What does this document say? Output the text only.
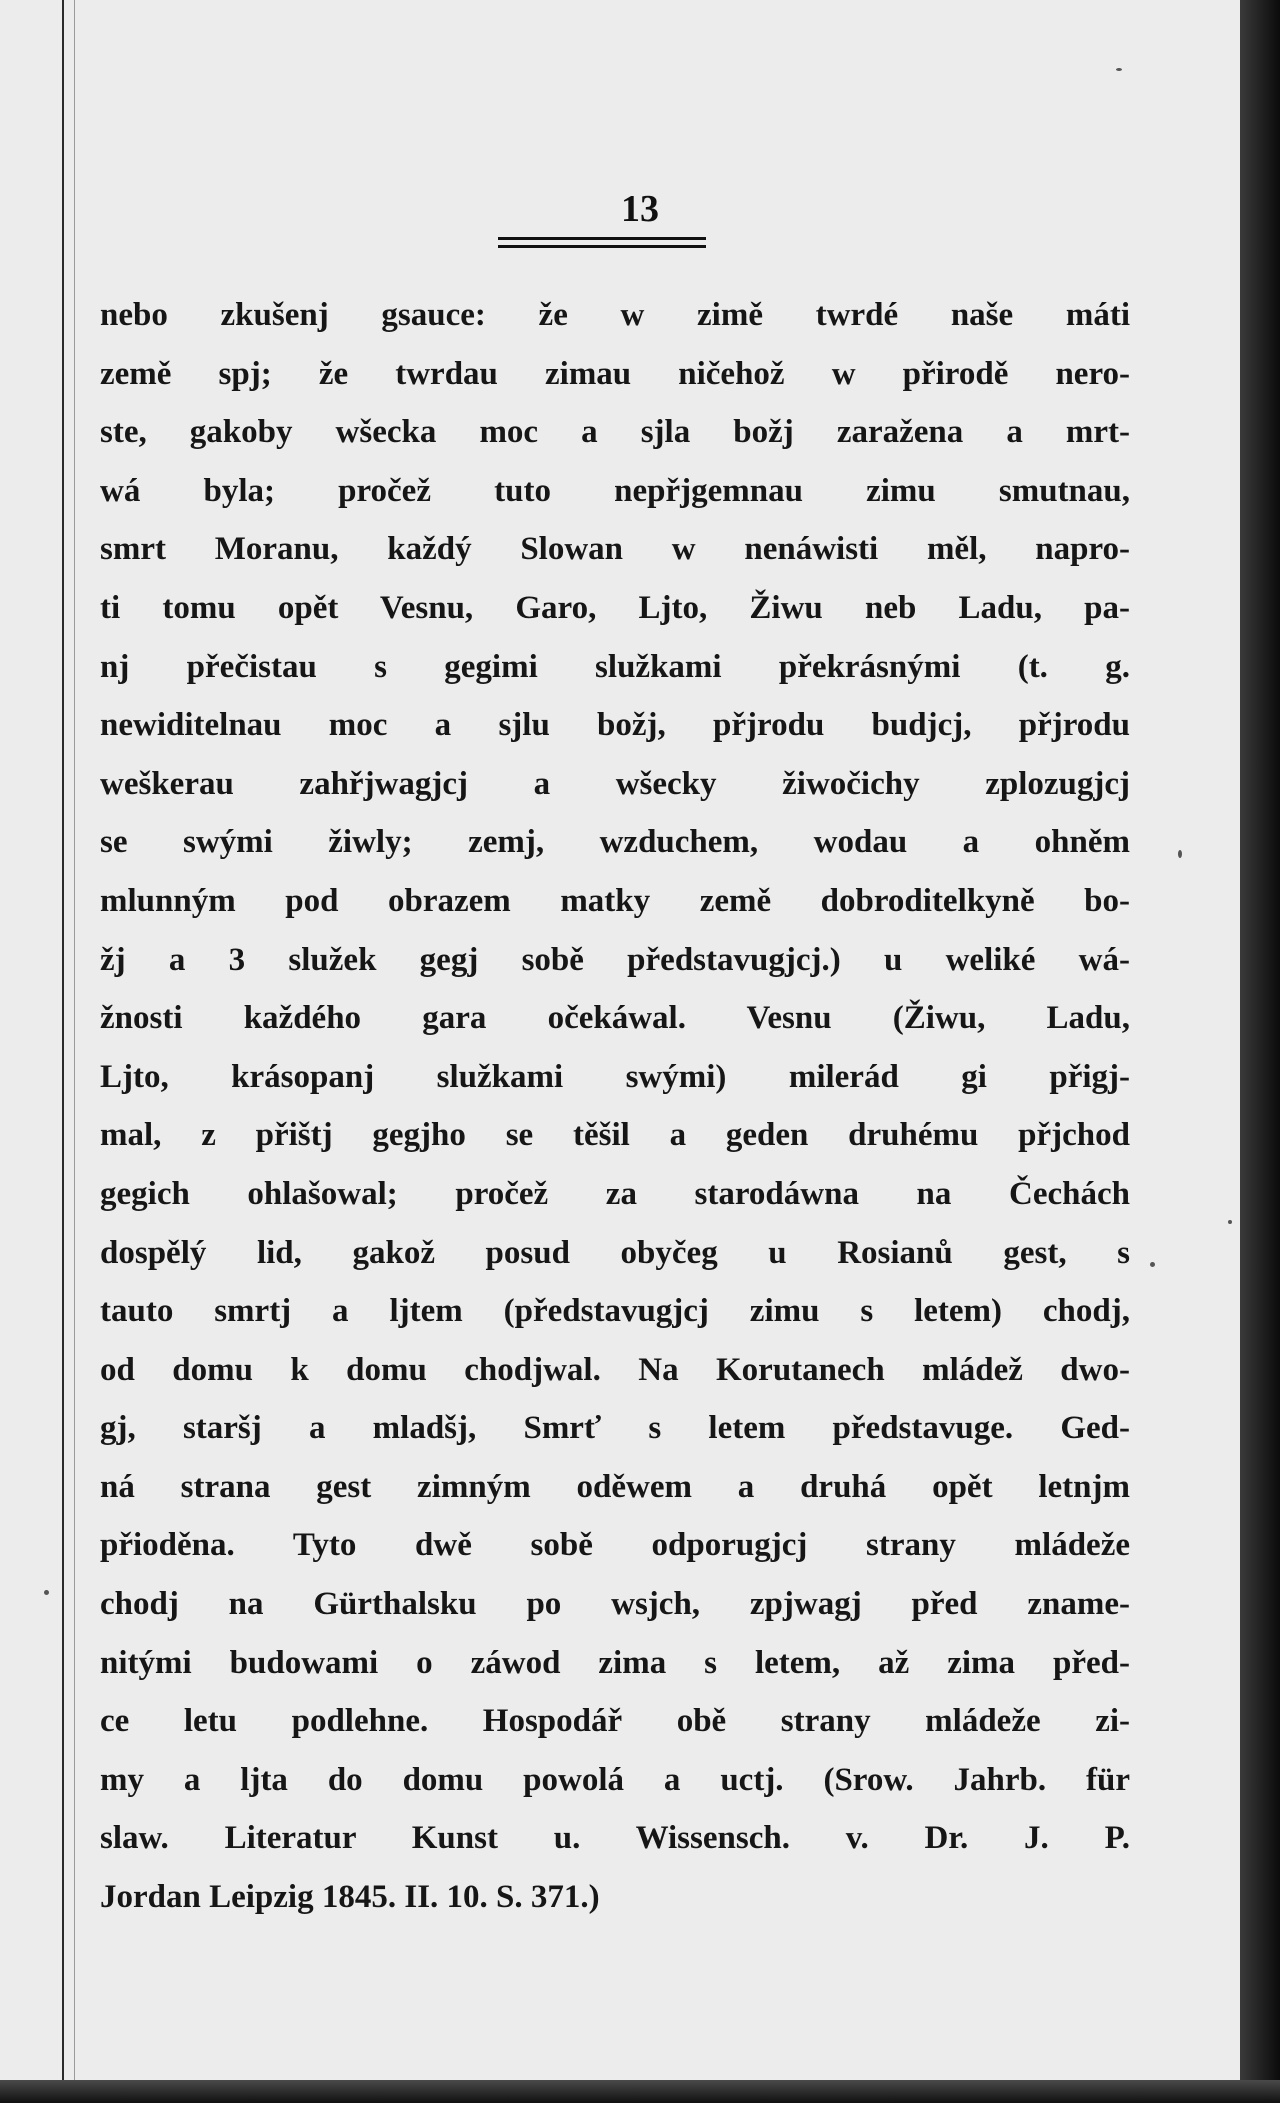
13
nebo zkušenj gsauce: že w zimě twrdé naše máti
země spj; že twrdau zimau ničehož w přirodě nero-
ste, gakoby wšecka moc a sjla božj zaražena a mrt-
wá byla; pročež tuto nepřjgemnau zimu smutnau,
smrt Moranu, každý Slowan w nenáwisti měl, napro-
ti tomu opět Vesnu, Garo, Ljto, Žiwu neb Ladu, pa-
nj přečistau s gegimi služkami překrásnými (t. g.
newiditelnau moc a sjlu božj, přjrodu budjcj, přjrodu
weškerau zahřjwagjcj a wšecky žiwočichy zplozugjcj
se swými žiwly; zemj, wzduchem, wodau a ohněm
mlunným pod obrazem matky země dobroditelkyně bo-
žj a 3 služek gegj sobě představugjcj.) u weliké wá-
žnosti každého gara očekáwal. Vesnu (Žiwu, Ladu,
Ljto, krásopanj služkami swými) milerád gi přigj-
mal, z přištj gegjho se těšil a geden druhému přjchod
gegich ohlašowal; pročež za starodáwna na Čechách
dospělý lid, gakož posud obyčeg u Rosianů gest, s
tauto smrtj a ljtem (představugjcj zimu s letem) chodj,
od domu k domu chodjwal. Na Korutanech mládež dwo-
gj, staršj a mladšj, Smrť s letem představuge. Ged-
ná strana gest zimným oděwem a druhá opět letnjm
přioděna. Tyto dwě sobě odporugjcj strany mládeže
chodj na Gürthalsku po wsjch, zpjwagj před zname-
nitými budowami o záwod zima s letem, až zima před-
ce letu podlehne. Hospodář obě strany mládeže zi-
my a ljta do domu powolá a uctj. (Srow. Jahrb. für
slaw. Literatur Kunst u. Wissensch. v. Dr. J. P.
Jordan Leipzig 1845. II. 10. S. 371.)
